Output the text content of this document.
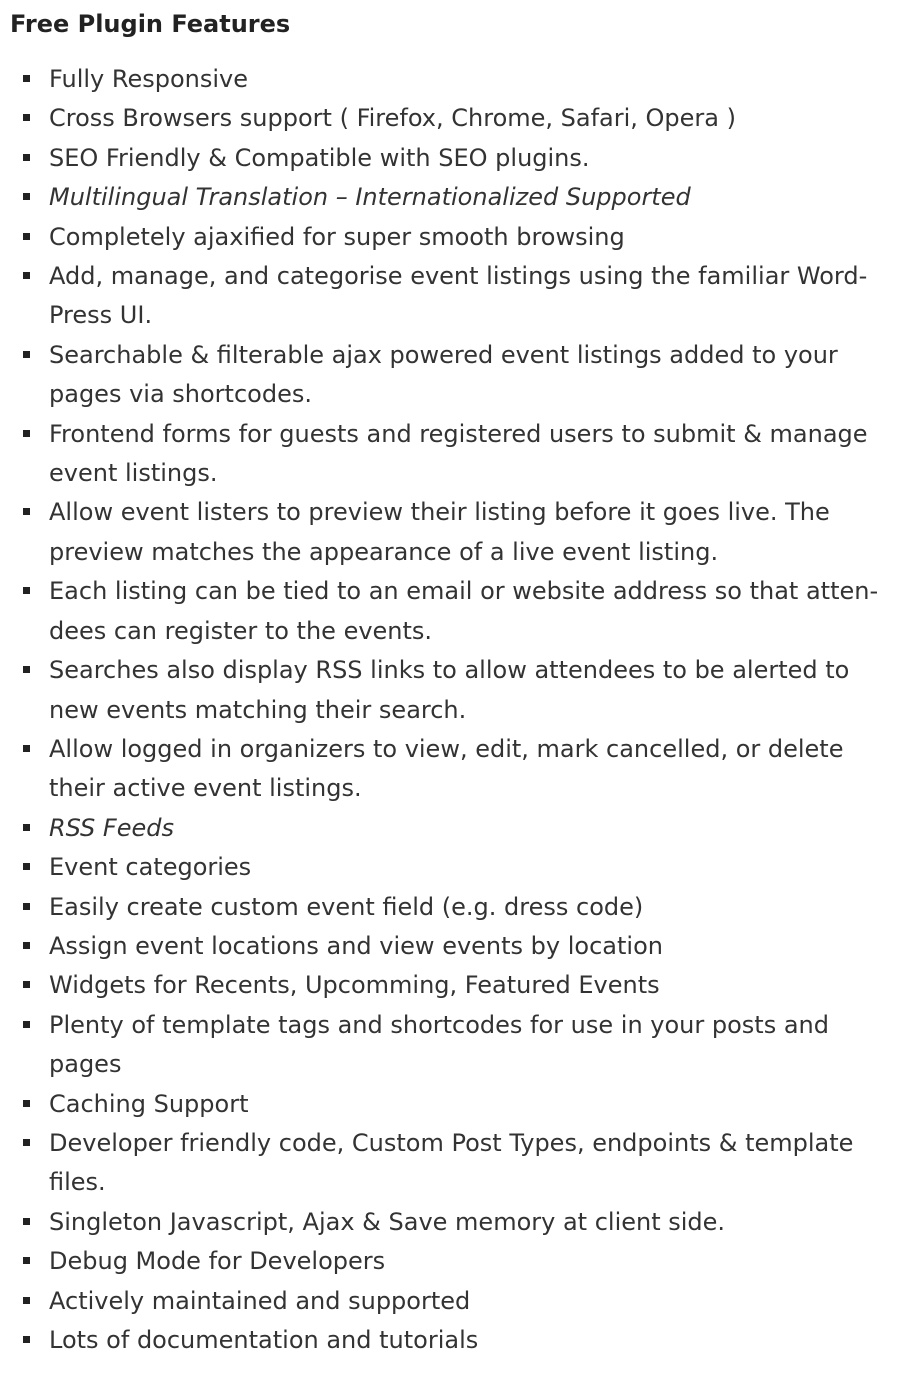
Free Plugin Features
Fully Responsive
Cross Browsers support ( Firefox, Chrome, Safari, Opera )
SEO Friendly & Compatible with SEO plugins.
Multilingual Translation – Internationalized Supported
Completely ajaxified for super smooth browsing
Add, manage, and categorise event listings using the familiar WordPress UI.
Searchable & filterable ajax powered event listings added to your pages via shortcodes.
Frontend forms for guests and registered users to submit & manage event listings.
Allow event listers to preview their listing before it goes live. The preview matches the appearance of a live event listing.
Each listing can be tied to an email or website address so that attendees can register to the events.
Searches also display RSS links to allow attendees to be alerted to new events matching their search.
Allow logged in organizers to view, edit, mark cancelled, or delete their active event listings.
RSS Feeds
Event categories
Easily create custom event field (e.g. dress code)
Assign event locations and view events by location
Widgets for Recents, Upcomming, Featured Events
Plenty of template tags and shortcodes for use in your posts and pages
Caching Support
Developer friendly code, Custom Post Types, endpoints & template files.
Singleton Javascript, Ajax & Save memory at client side.
Debug Mode for Developers
Actively maintained and supported
Lots of documentation and tutorials
